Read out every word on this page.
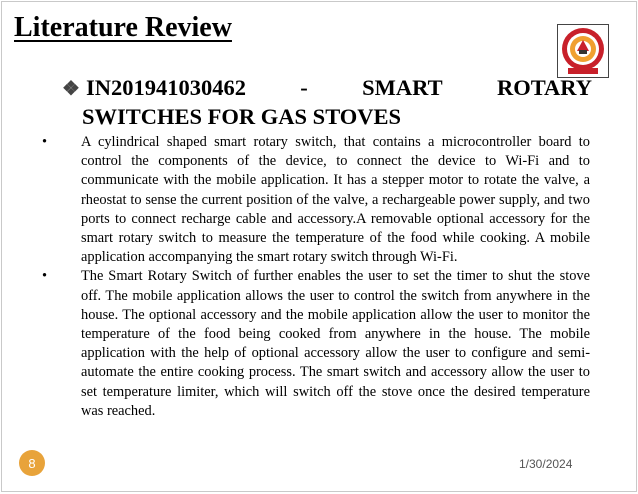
Literature Review
❖ IN201941030462 - SMART ROTARY
SWITCHES FOR GAS STOVES
•	A cylindrical shaped smart rotary switch, that contains a microcontroller board to control the components of the device, to connect the device to Wi-Fi and to communicate with the mobile application. It has a stepper motor to rotate the valve, a rheostat to sense the current position of the valve, a rechargeable power supply, and two ports to connect recharge cable and accessory.A removable optional accessory for the smart rotary switch to measure the temperature of the food while cooking. A mobile application accompanying the smart rotary switch through Wi-Fi.
•	The Smart Rotary Switch of further enables the user to set the timer to shut the stove off. The mobile application allows the user to control the switch from anywhere in the house. The optional accessory and the mobile application allow the user to monitor the temperature of the food being cooked from anywhere in the house. The mobile application with the help of optional accessory allow the user to configure and semi-automate the entire cooking process. The smart switch and accessory allow the user to set temperature limiter, which will switch off the stove once the desired temperature was reached.
8	1/30/2024
